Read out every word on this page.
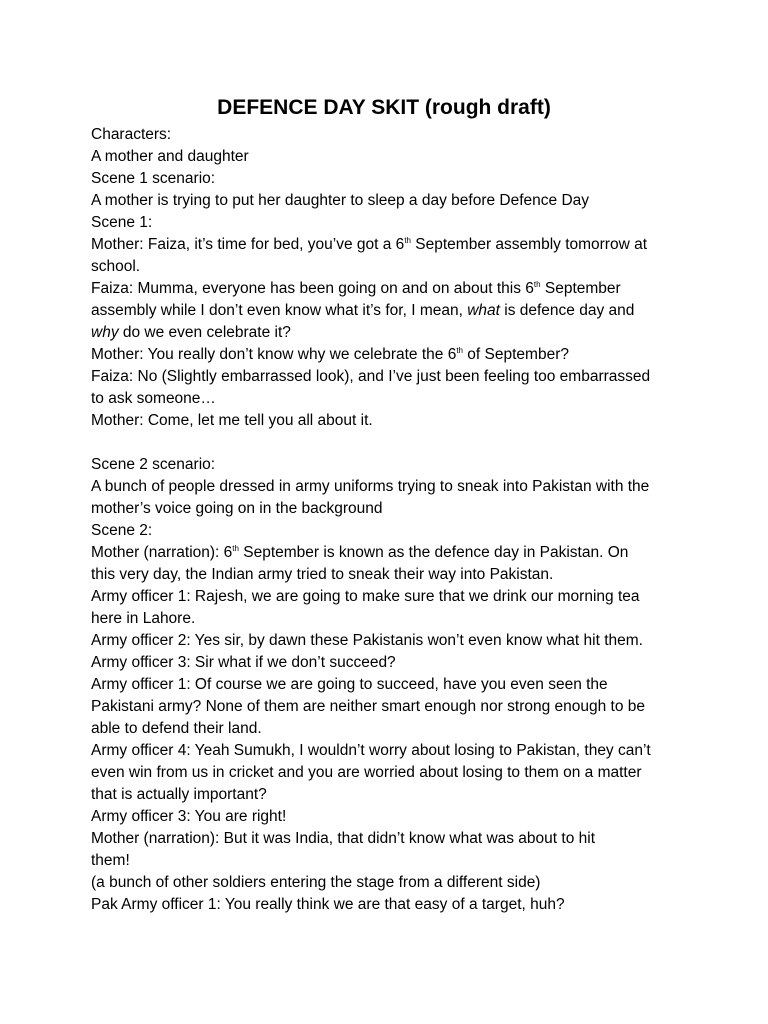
DEFENCE DAY SKIT (rough draft)
Characters:
A mother and daughter
Scene 1 scenario:
A mother is trying to put her daughter to sleep a day before Defence Day
Scene 1:
Mother: Faiza, it’s time for bed, you’ve got a 6th September assembly tomorrow at
school.
Faiza: Mumma, everyone has been going on and on about this 6th September
assembly while I don’t even know what it’s for, I mean, what is defence day and
why do we even celebrate it?
Mother: You really don’t know why we celebrate the 6th of September?
Faiza: No (Slightly embarrassed look), and I’ve just been feeling too embarrassed
to ask someone…
Mother: Come, let me tell you all about it.
Scene 2 scenario:
A bunch of people dressed in army uniforms trying to sneak into Pakistan with the
mother’s voice going on in the background
Scene 2:
Mother (narration): 6th September is known as the defence day in Pakistan. On
this very day, the Indian army tried to sneak their way into Pakistan.
Army officer 1: Rajesh, we are going to make sure that we drink our morning tea
here in Lahore.
Army officer 2: Yes sir, by dawn these Pakistanis won’t even know what hit them.
Army officer 3: Sir what if we don’t succeed?
Army officer 1: Of course we are going to succeed, have you even seen the
Pakistani army? None of them are neither smart enough nor strong enough to be
able to defend their land.
Army officer 4: Yeah Sumukh, I wouldn’t worry about losing to Pakistan, they can’t
even win from us in cricket and you are worried about losing to them on a matter
that is actually important?
Army officer 3: You are right!
Mother (narration): But it was India, that didn’t know what was about to hit
them!
(a bunch of other soldiers entering the stage from a different side)
Pak Army officer 1: You really think we are that easy of a target, huh?
